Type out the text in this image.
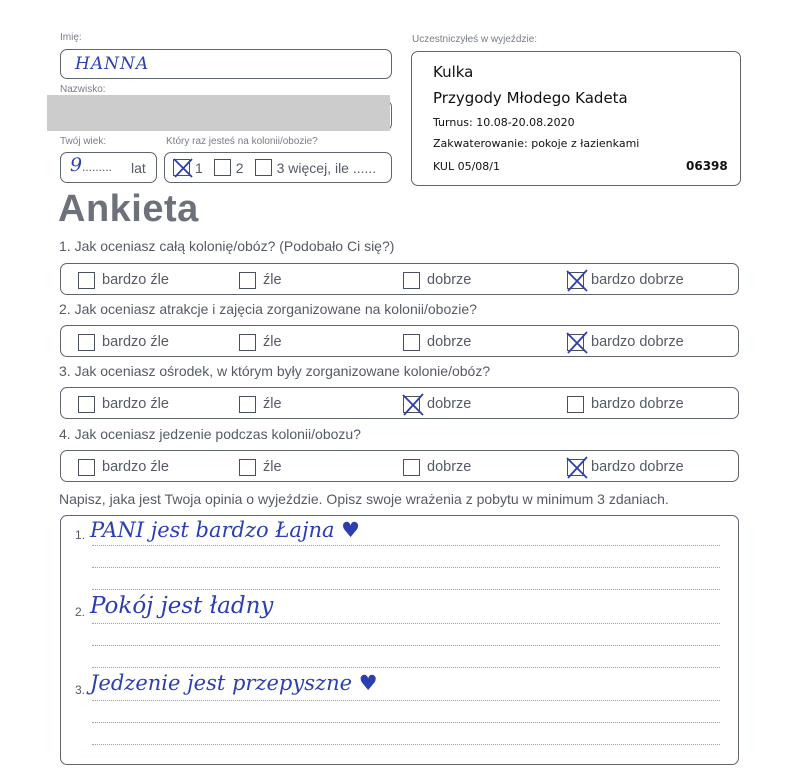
Imię:
HANNA
Nazwisko:
Twój wiek:
9 ......... lat
Który raz jesteś na kolonii/obozie?
1 2 3 więcej, ile ......
Uczestniczyłeś w wyjeździe:
Kulka
Przygody Młodego Kadeta
Turnus: 10.08-20.08.2020
Zakwaterowanie: pokoje z łazienkami
KUL 05/08/1	06398
Ankieta
1. Jak oceniasz całą kolonię/obóz? (Podobało Ci się?)
bardzo źle	źle	dobrze	bardzo dobrze
2. Jak oceniasz atrakcje i zajęcia zorganizowane na kolonii/obozie?
bardzo źle	źle	dobrze	bardzo dobrze
3. Jak oceniasz ośrodek, w którym były zorganizowane kolonie/obóz?
bardzo źle	źle	dobrze	bardzo dobrze
4. Jak oceniasz jedzenie podczas kolonii/obozu?
bardzo źle	źle	dobrze	bardzo dobrze
Napisz, jaka jest Twoja opinia o wyjeździe. Opisz swoje wrażenia z pobytu w minimum 3 zdaniach.
1. PANI jest bardzo Łajna ♥
2. Pokój jest ładny
3. Jedzenie jest przepyszne ♥
